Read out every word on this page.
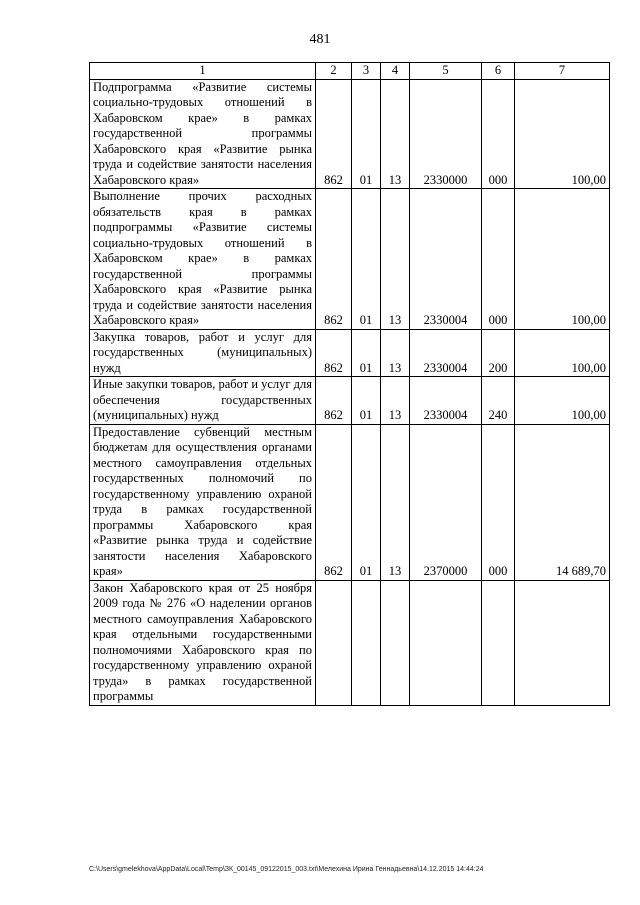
481
1	2	3	4	5	6	7
Подпрограмма «Развитие системы социально-трудовых отношений в Хабаровском крае» в рамках государственной программы Хабаровского края «Развитие рынка труда и содействие занятости населения Хабаровского края»	862	01	13	2330000	000	100,00
Выполнение прочих расходных обязательств края в рамках подпрограммы «Развитие системы социально-трудовых отношений в Хабаровском крае» в рамках государственной программы Хабаровского края «Развитие рынка труда и содействие занятости населения Хабаровского края»	862	01	13	2330004	000	100,00
Закупка товаров, работ и услуг для государственных (муниципальных) нужд	862	01	13	2330004	200	100,00
Иные закупки товаров, работ и услуг для обеспечения государственных (муниципальных) нужд	862	01	13	2330004	240	100,00
Предоставление субвенций местным бюджетам для осуществления органами местного самоуправления отдельных государственных полномочий по государственному управлению охраной труда в рамках государственной программы Хабаровского края «Развитие рынка труда и содействие занятости населения Хабаровского края»	862	01	13	2370000	000	14 689,70
Закон Хабаровского края от 25 ноября 2009 года № 276 «О наделении органов местного самоуправления Хабаровского края отдельными государственными полномочиями Хабаровского края по государственному управлению охраной труда» в рамках государственной программы						
C:\Users\gmelekhova\AppData\Local\Temp\ЗК_00145_09122015_003.txt\Мелехина Ирина Геннадьевна\14.12.2015 14:44:24
